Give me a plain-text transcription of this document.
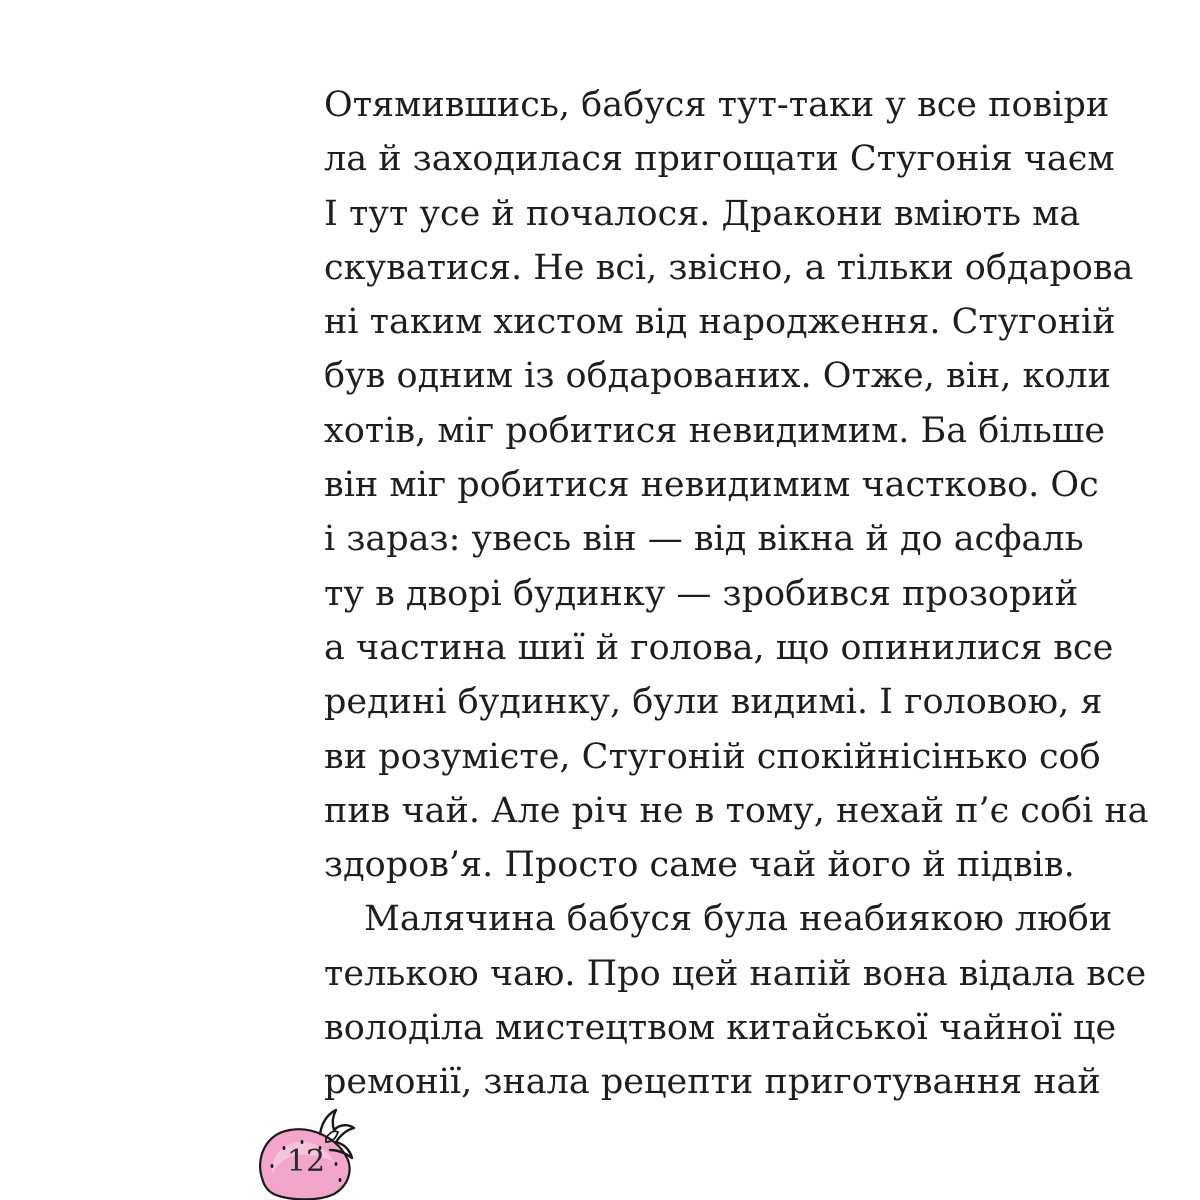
Отямившись, бабуся тут-таки у все повіри
ла й заходилася пригощати Стугонія чаєм
І тут усе й почалося. Дракони вміють ма
скуватися. Не всі, звісно, а тільки обдарова
ні таким хистом від народження. Стугоній
був одним із обдарованих. Отже, він, коли
хотів, міг робитися невидимим. Ба більше
він міг робитися невидимим частково. Ос
і зараз: увесь він — від вікна й до асфаль
ту в дворі будинку — зробився прозорий
а частина шиї й голова, що опинилися все
редині будинку, були видимі. І головою, я
ви розумієте, Стугоній спокійнісінько соб
пив чай. Але річ не в тому, нехай п’є собі на
здоров’я. Просто саме чай його й підвів.
Малячина бабуся була неабиякою люби
телькою чаю. Про цей напій вона відала все
володіла мистецтвом китайської чайної це
ремонії, знала рецепти приготування най
12
